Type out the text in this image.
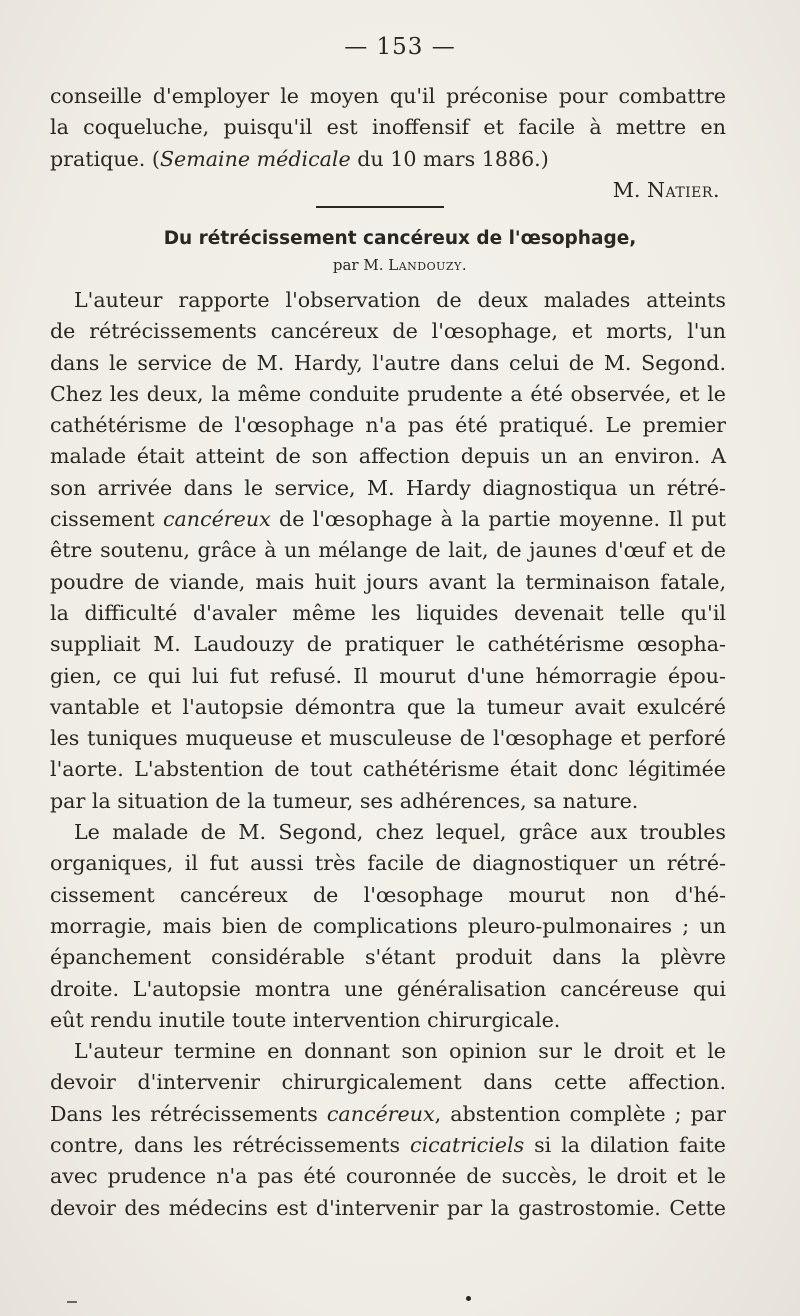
— 153 —
conseille d'employer le moyen qu'il préconise pour combattre
la coqueluche, puisqu'il est inoffensif et facile à mettre en
pratique. (Semaine médicale du 10 mars 1886.)
M. Natier.
Du rétrécissement cancéreux de l'œsophage,
par M. Landouzy.
L'auteur rapporte l'observation de deux malades atteints
de rétrécissements cancéreux de l'œsophage, et morts, l'un
dans le service de M. Hardy, l'autre dans celui de M. Segond.
Chez les deux, la même conduite prudente a été observée, et le
cathétérisme de l'œsophage n'a pas été pratiqué. Le premier
malade était atteint de son affection depuis un an environ. A
son arrivée dans le service, M. Hardy diagnostiqua un rétré-
cissement cancéreux de l'œsophage à la partie moyenne. Il put
être soutenu, grâce à un mélange de lait, de jaunes d'œuf et de
poudre de viande, mais huit jours avant la terminaison fatale,
la difficulté d'avaler même les liquides devenait telle qu'il
suppliait M. Laudouzy de pratiquer le cathétérisme œsopha-
gien, ce qui lui fut refusé. Il mourut d'une hémorragie épou-
vantable et l'autopsie démontra que la tumeur avait exulcéré
les tuniques muqueuse et musculeuse de l'œsophage et perforé
l'aorte. L'abstention de tout cathétérisme était donc légitimée
par la situation de la tumeur, ses adhérences, sa nature.
Le malade de M. Segond, chez lequel, grâce aux troubles
organiques, il fut aussi très facile de diagnostiquer un rétré-
cissement cancéreux de l'œsophage mourut non d'hé-
morragie, mais bien de complications pleuro-pulmonaires ; un
épanchement considérable s'étant produit dans la plèvre
droite. L'autopsie montra une généralisation cancéreuse qui
eût rendu inutile toute intervention chirurgicale.
L'auteur termine en donnant son opinion sur le droit et le
devoir d'intervenir chirurgicalement dans cette affection.
Dans les rétrécissements cancéreux, abstention complète ; par
contre, dans les rétrécissements cicatriciels si la dilation faite
avec prudence n'a pas été couronnée de succès, le droit et le
devoir des médecins est d'intervenir par la gastrostomie. Cette
